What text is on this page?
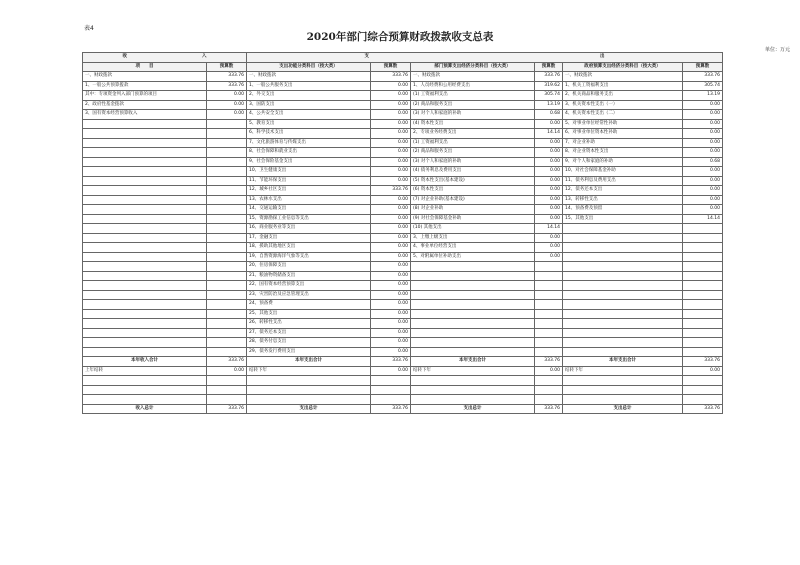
表4
2020年部门综合预算财政拨款收支总表
单位：万元
收 入		支 出					

项　　目	预算数	支出功能分类科目（按大类）	预算数	部门预算支出经济分类科目（按大类）	预算数	政府预算支出经济分类科目（按大类）	预算数
一、财政拨款	333.76	一、财政拨款	333.76	一、财政拨款	333.76	一、财政拨款	333.76
1、一般公共预算拨款	333.76	1、一般公共服务支出	0.00	1、人员经费和公用经费支出	319.62	1、机关工资福利支出	305.74
其中：专项资金列入部门预算的项目	0.00	2、外交支出	0.00	(1) 工资福利支出	305.74	2、机关商品和服务支出	13.19
2、政府性基金拨款	0.00	3、国防支出	0.00	(2) 商品和服务支出	13.19	3、机关资本性支出（一）	0.00
3、国有资本经营预算收入	0.00	4、公共安全支出	0.00	(3) 对个人和家庭的补助	0.68	4、机关资本性支出（二）	0.00
		5、教育支出	0.00	(4) 资本性支出	0.00	5、对事业单位经常性补助	0.00
		6、科学技术支出	0.00	2、专项业务经费支出	14.14	6、对事业单位资本性补助	0.00
		7、文化旅游体育与传媒支出	0.00	(1) 工资福利支出	0.00	7、对企业补助	0.00
		8、社会保障和就业支出	0.00	(2) 商品和服务支出	0.00	8、对企业资本性支出	0.00
		9、社会保险基金支出	0.00	(3) 对个人和家庭的补助	0.00	9、对个人和家庭的补助	0.68
		10、卫生健康支出	0.00	(4) 债务利息及费用支出	0.00	10、对社会保障基金补助	0.00
		11、节能环保支出	0.00	(5) 资本性支出(基本建设)	0.00	11、债务利息及费用支出	0.00
		12、城乡社区支出	333.76	(6) 资本性支出	0.00	12、债务还本支出	0.00
		13、农林水支出	0.00	(7) 对企业补助(基本建设)	0.00	13、转移性支出	0.00
		14、交通运输支出	0.00	(8) 对企业补助	0.00	14、预备费及预留	0.00
		15、资源勘探工业信息等支出	0.00	(9) 对社会保障基金补助	0.00	15、其他支出	14.14
		16、商业服务业等支出	0.00	(10) 其他支出	14.14		
		17、金融支出	0.00	3、上缴上级支出	0.00		
		18、援助其他地区支出	0.00	4、事业单位经营支出	0.00		
		19、自然资源海洋气象等支出	0.00	5、对附属单位补助支出	0.00		
		20、住房保障支出	0.00				
		21、粮油物资储备支出	0.00				
		22、国有资本经营预算支出	0.00				
		23、灾害防治及应急管理支出	0.00				
		24、预备费	0.00				
		25、其他支出	0.00				
		26、转移性支出	0.00				
		27、债务还本支出	0.00				
		28、债务付息支出	0.00				
		29、债务发行费用支出	0.00				
本年收入合计	333.76	本年支出合计	333.76	本年支出合计	333.76	本年支出合计	333.76
上年结转	0.00	结转下年	0.00	结转下年	0.00	结转下年	0.00

收入总计	333.76	支出总计	333.76	支出总计	333.76	支出总计	333.76
